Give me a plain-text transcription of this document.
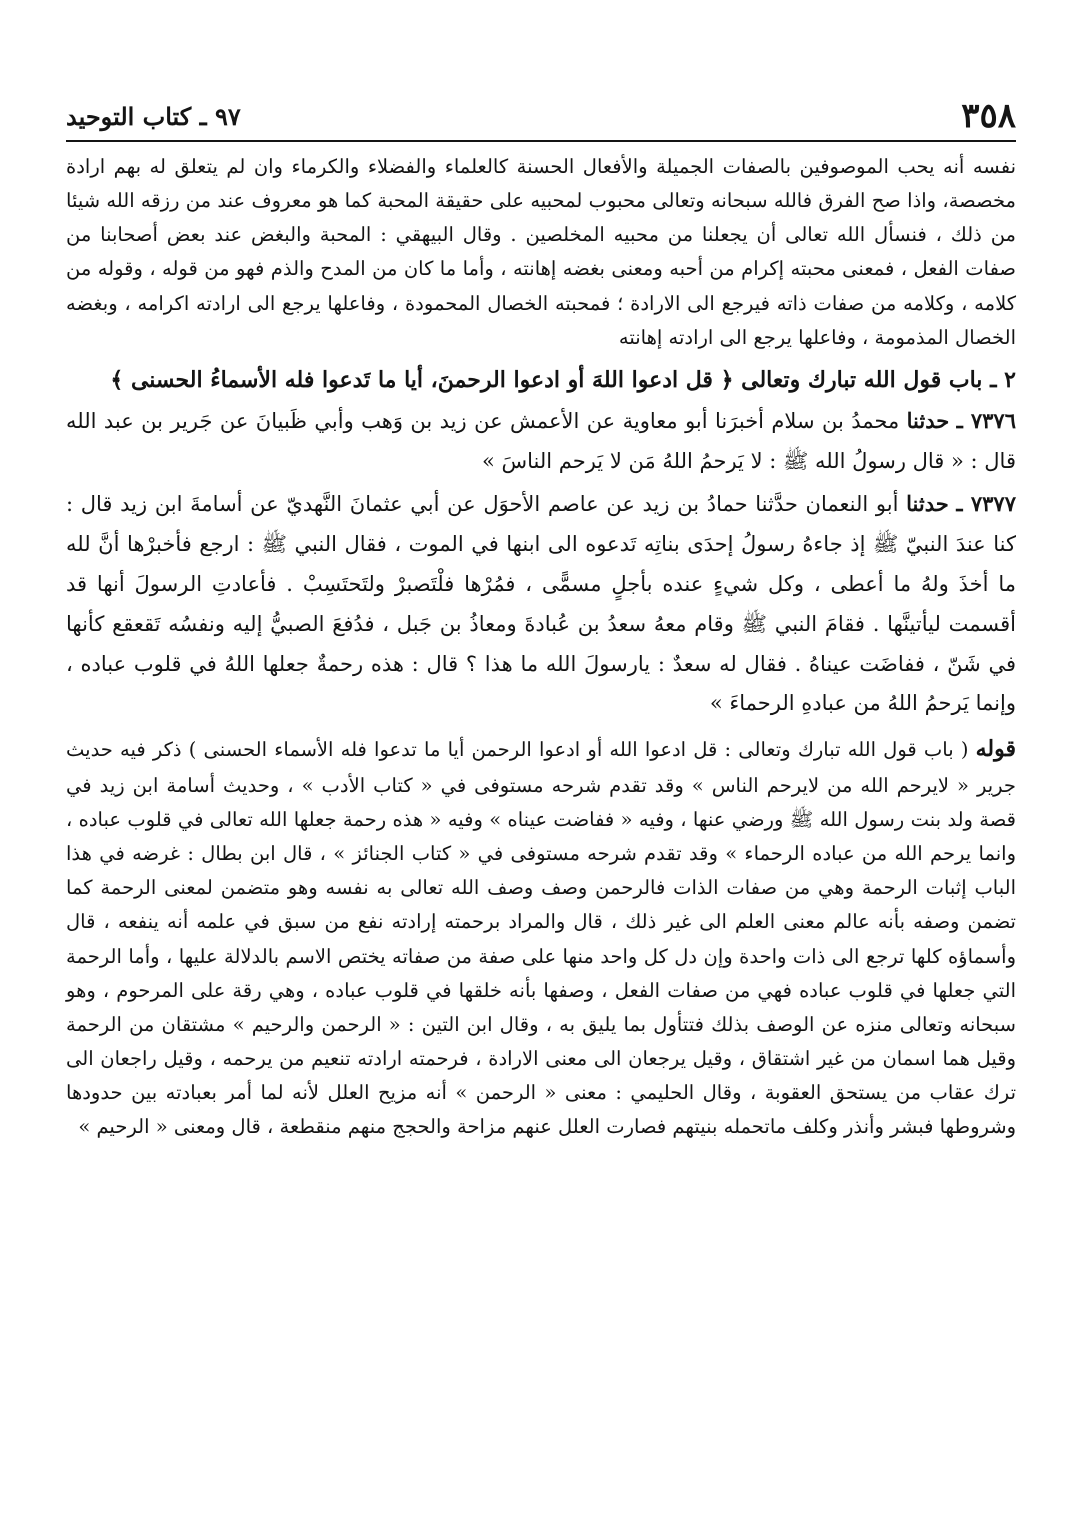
٣٥٨
٩٧ ـ كتاب التوحيد

نفسه أنه يحب الموصوفين بالصفات الجميلة والأفعال الحسنة كالعلماء والفضلاء والكرماء وان لم يتعلق له بهم ارادة مخصصة، واذا صح الفرق فالله سبحانه وتعالى محبوب لمحبيه على حقيقة المحبة كما هو معروف عند من رزقه الله شيئا من ذلك ، فنسأل الله تعالى أن يجعلنا من محبيه المخلصين . وقال البيهقي : المحبة والبغض عند بعض أصحابنا من صفات الفعل ، فمعنى محبته إكرام من أحبه ومعنى بغضه إهانته ، وأما ما كان من المدح والذم فهو من قوله ، وقوله من كلامه ، وكلامه من صفات ذاته فيرجع الى الارادة ؛ فمحبته الخصال المحمودة ، وفاعلها يرجع الى ارادته اكرامه ، وبغضه الخصال المذمومة ، وفاعلها يرجع الى ارادته إهانته

٢ ـ باب قول الله تبارك وتعالى ﴿ قل ادعوا اللهَ أو ادعوا الرحمنَ، أيا ما تَدعوا فله الأسماءُ الحسنى ﴾

٧٣٧٦ ـ حدثنا محمدُ بن سلام أخبرَنا أبو معاوية عن الأعمش عن زيد بن وَهب وأبي ظَبيانَ عن جَرير بن عبد الله قال : « قال رسولُ الله ﷺ : لا يَرحمُ اللهُ مَن لا يَرحم الناسَ »

٧٣٧٧ ـ حدثنا أبو النعمان حدَّثنا حمادُ بن زيد عن عاصم الأحوَل عن أبي عثمانَ النَّهديّ عن أسامةَ ابن زيد قال : كنا عندَ النبيّ ﷺ إذ جاءهُ رسولُ إحدَى بناتِه تَدعوه الى ابنها في الموت ، فقال النبي ﷺ : ارجع فأخبرْها أنَّ لله ما أخذَ ولهُ ما أعطى ، وكل شيءٍ عنده بأجلٍ مسمًّى ، فمُرْها فلْتَصبرْ ولتَحتَسِبْ . فأعادتِ الرسولَ أنها قد أقسمت ليأتينَّها . فقامَ النبي ﷺ وقام معهُ سعدُ بن عُبادةَ ومعاذُ بن جَبل ، فدُفعَ الصبيُّ إليه ونفسُه تَقعقع كأنها في شَنّ ، ففاضَت عيناهُ . فقال له سعدٌ : يارسولَ الله ما هذا ؟ قال : هذه رحمةٌ جعلها اللهُ في قلوب عباده ، وإنما يَرحمُ اللهُ من عبادهِ الرحماءَ »

قوله ( باب قول الله تبارك وتعالى : قل ادعوا الله أو ادعوا الرحمن أيا ما تدعوا فله الأسماء الحسنى ) ذكر فيه حديث جرير « لايرحم الله من لايرحم الناس » وقد تقدم شرحه مستوفى في « كتاب الأدب » ، وحديث أسامة ابن زيد في قصة ولد بنت رسول الله ﷺ ورضي عنها ، وفيه « ففاضت عيناه » وفيه « هذه رحمة جعلها الله تعالى في قلوب عباده ، وانما يرحم الله من عباده الرحماء » وقد تقدم شرحه مستوفى في « كتاب الجنائز » ، قال ابن بطال : غرضه في هذا الباب إثبات الرحمة وهي من صفات الذات فالرحمن وصف وصف الله تعالى به نفسه وهو متضمن لمعنى الرحمة كما تضمن وصفه بأنه عالم معنى العلم الى غير ذلك ، قال والمراد برحمته إرادته نفع من سبق في علمه أنه ينفعه ، قال وأسماؤه كلها ترجع الى ذات واحدة وإن دل كل واحد منها على صفة من صفاته يختص الاسم بالدلالة عليها ، وأما الرحمة التي جعلها في قلوب عباده فهي من صفات الفعل ، وصفها بأنه خلقها في قلوب عباده ، وهي رقة على المرحوم ، وهو سبحانه وتعالى منزه عن الوصف بذلك فتتأول بما يليق به ، وقال ابن التين : « الرحمن والرحيم » مشتقان من الرحمة وقيل هما اسمان من غير اشتقاق ، وقيل يرجعان الى معنى الارادة ، فرحمته ارادته تنعيم من يرحمه ، وقيل راجعان الى ترك عقاب من يستحق العقوبة ، وقال الحليمي : معنى « الرحمن » أنه مزيح العلل لأنه لما أمر بعبادته بين حدودها وشروطها فبشر وأنذر وكلف ماتحمله بنيتهم فصارت العلل عنهم مزاحة والحجج منهم منقطعة ، قال ومعنى « الرحيم »
